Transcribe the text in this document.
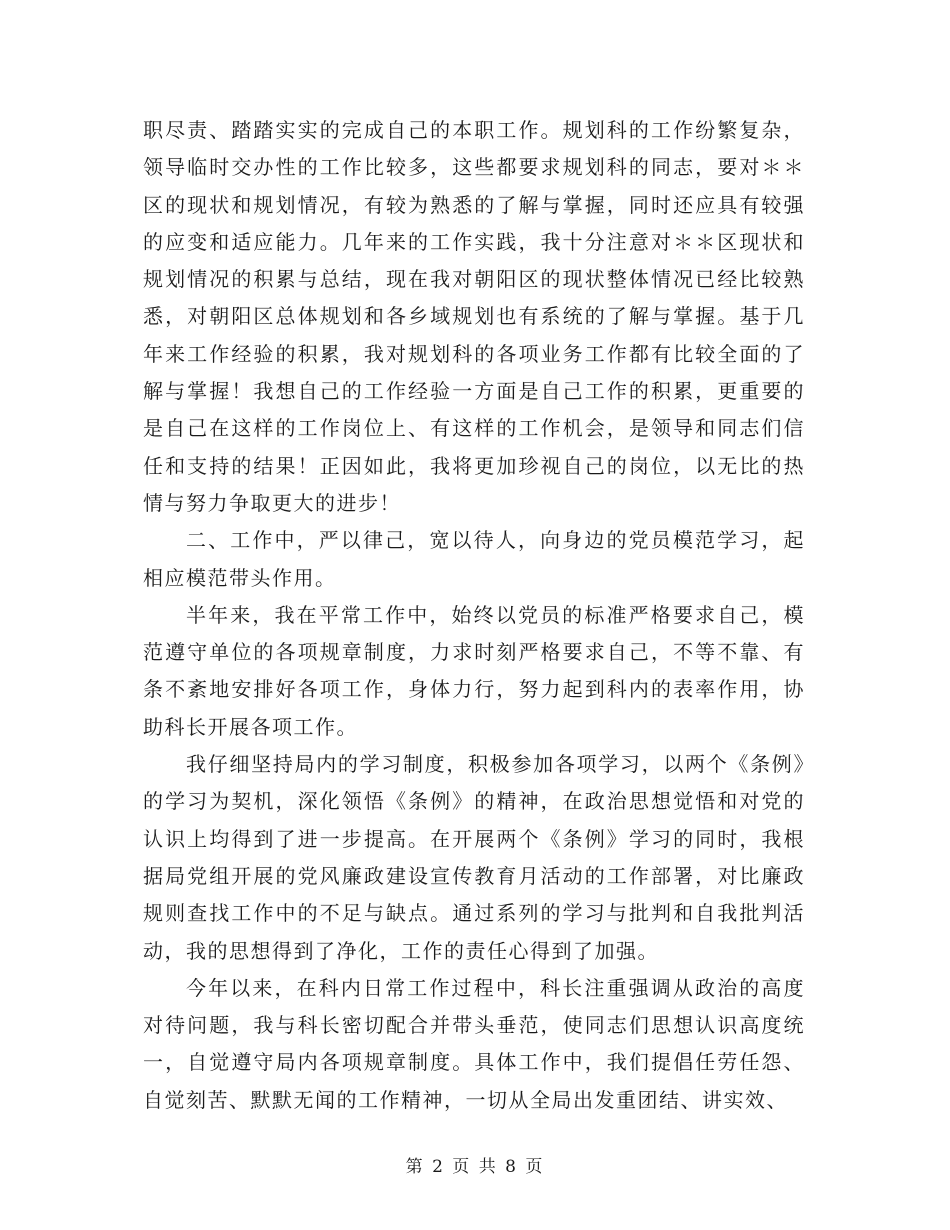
职尽责、踏踏实实的完成自己的本职工作。规划科的工作纷繁复杂，领导临时交办性的工作比较多，这些都要求规划科的同志，要对＊＊区的现状和规划情况，有较为熟悉的了解与掌握，同时还应具有较强的应变和适应能力。几年来的工作实践，我十分注意对＊＊区现状和规划情况的积累与总结，现在我对朝阳区的现状整体情况已经比较熟悉，对朝阳区总体规划和各乡域规划也有系统的了解与掌握。基于几年来工作经验的积累，我对规划科的各项业务工作都有比较全面的了解与掌握！我想自己的工作经验一方面是自己工作的积累，更重要的是自己在这样的工作岗位上、有这样的工作机会，是领导和同志们信任和支持的结果！正因如此，我将更加珍视自己的岗位，以无比的热情与努力争取更大的进步！

二、工作中，严以律己，宽以待人，向身边的党员模范学习，起相应模范带头作用。

半年来，我在平常工作中，始终以党员的标准严格要求自己，模范遵守单位的各项规章制度，力求时刻严格要求自己，不等不靠、有条不紊地安排好各项工作，身体力行，努力起到科内的表率作用，协助科长开展各项工作。

我仔细坚持局内的学习制度，积极参加各项学习，以两个《条例》的学习为契机，深化领悟《条例》的精神，在政治思想觉悟和对党的认识上均得到了进一步提高。在开展两个《条例》学习的同时，我根据局党组开展的党风廉政建设宣传教育月活动的工作部署，对比廉政规则查找工作中的不足与缺点。通过系列的学习与批判和自我批判活动，我的思想得到了净化，工作的责任心得到了加强。

今年以来，在科内日常工作过程中，科长注重强调从政治的高度对待问题，我与科长密切配合并带头垂范，使同志们思想认识高度统一，自觉遵守局内各项规章制度。具体工作中，我们提倡任劳任怨、自觉刻苦、默默无闻的工作精神，一切从全局出发重团结、讲实效、

第 2 页 共 8 页
